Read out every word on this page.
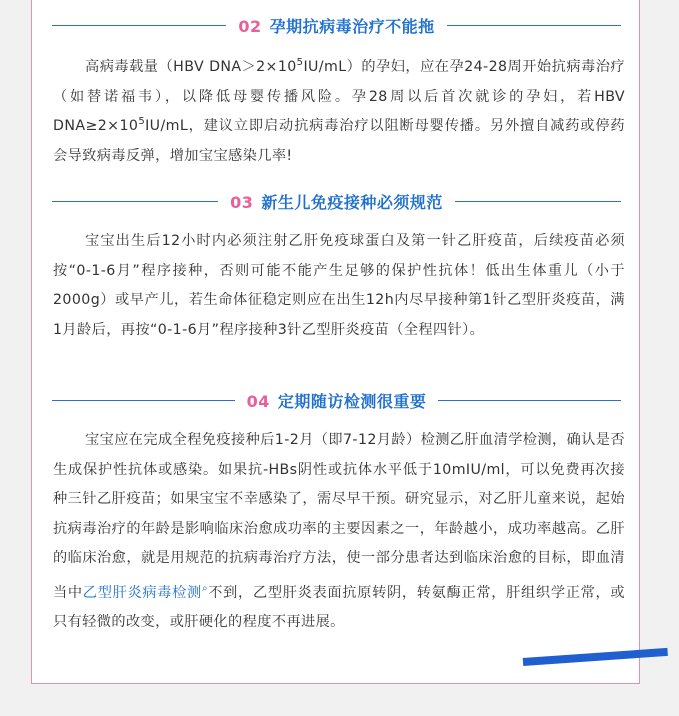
02 孕期抗病毒治疗不能拖

高病毒载量（HBV $DNA>2\times 10^5IU/mL$）的孕妇，应在孕24-28周开始抗病毒治疗（如替诺福韦），以降低母婴传播风险。孕28周以后首次就诊的孕妇，若HBV $DNA\ge 2\times 10^5IU/mL$，建议立即启动抗病毒治疗以阻断母婴传播。另外擅自减药或停药会导致病毒反弹，增加宝宝感染几率!

03 新生儿免疫接种必须规范

宝宝出生后12小时内必须注射乙肝免疫球蛋白及第一针乙肝疫苗，后续疫苗必须按“0-1-6月”程序接种，否则可能不能产生足够的保护性抗体！低出生体重儿（小于2000g）或早产儿，若生命体征稳定则应在出生12h内尽早接种第1针乙型肝炎疫苗，满1月龄后，再按“0-1-6月”程序接种3针乙型肝炎疫苗（全程四针）。

04 定期随访检测很重要

宝宝应在完成全程免疫接种后1-2月（即7-12月龄）检测乙肝血清学检测，确认是否生成保护性抗体或感染。如果抗-HBs阴性或抗体水平低于10mIU/ml，可以免费再次接种三针乙肝疫苗；如果宝宝不幸感染了，需尽早干预。研究显示，对乙肝儿童来说，起始抗病毒治疗的年龄是影响临床治愈成功率的主要因素之一，年龄越小，成功率越高。乙肝的临床治愈，就是用规范的抗病毒治疗方法，使一部分患者达到临床治愈的目标，即血清当中乙型肝炎病毒检测⌕不到，乙型肝炎表面抗原转阴，转氨酶正常，肝组织学正常，或只有轻微的改变，或肝硬化的程度不再进展。
